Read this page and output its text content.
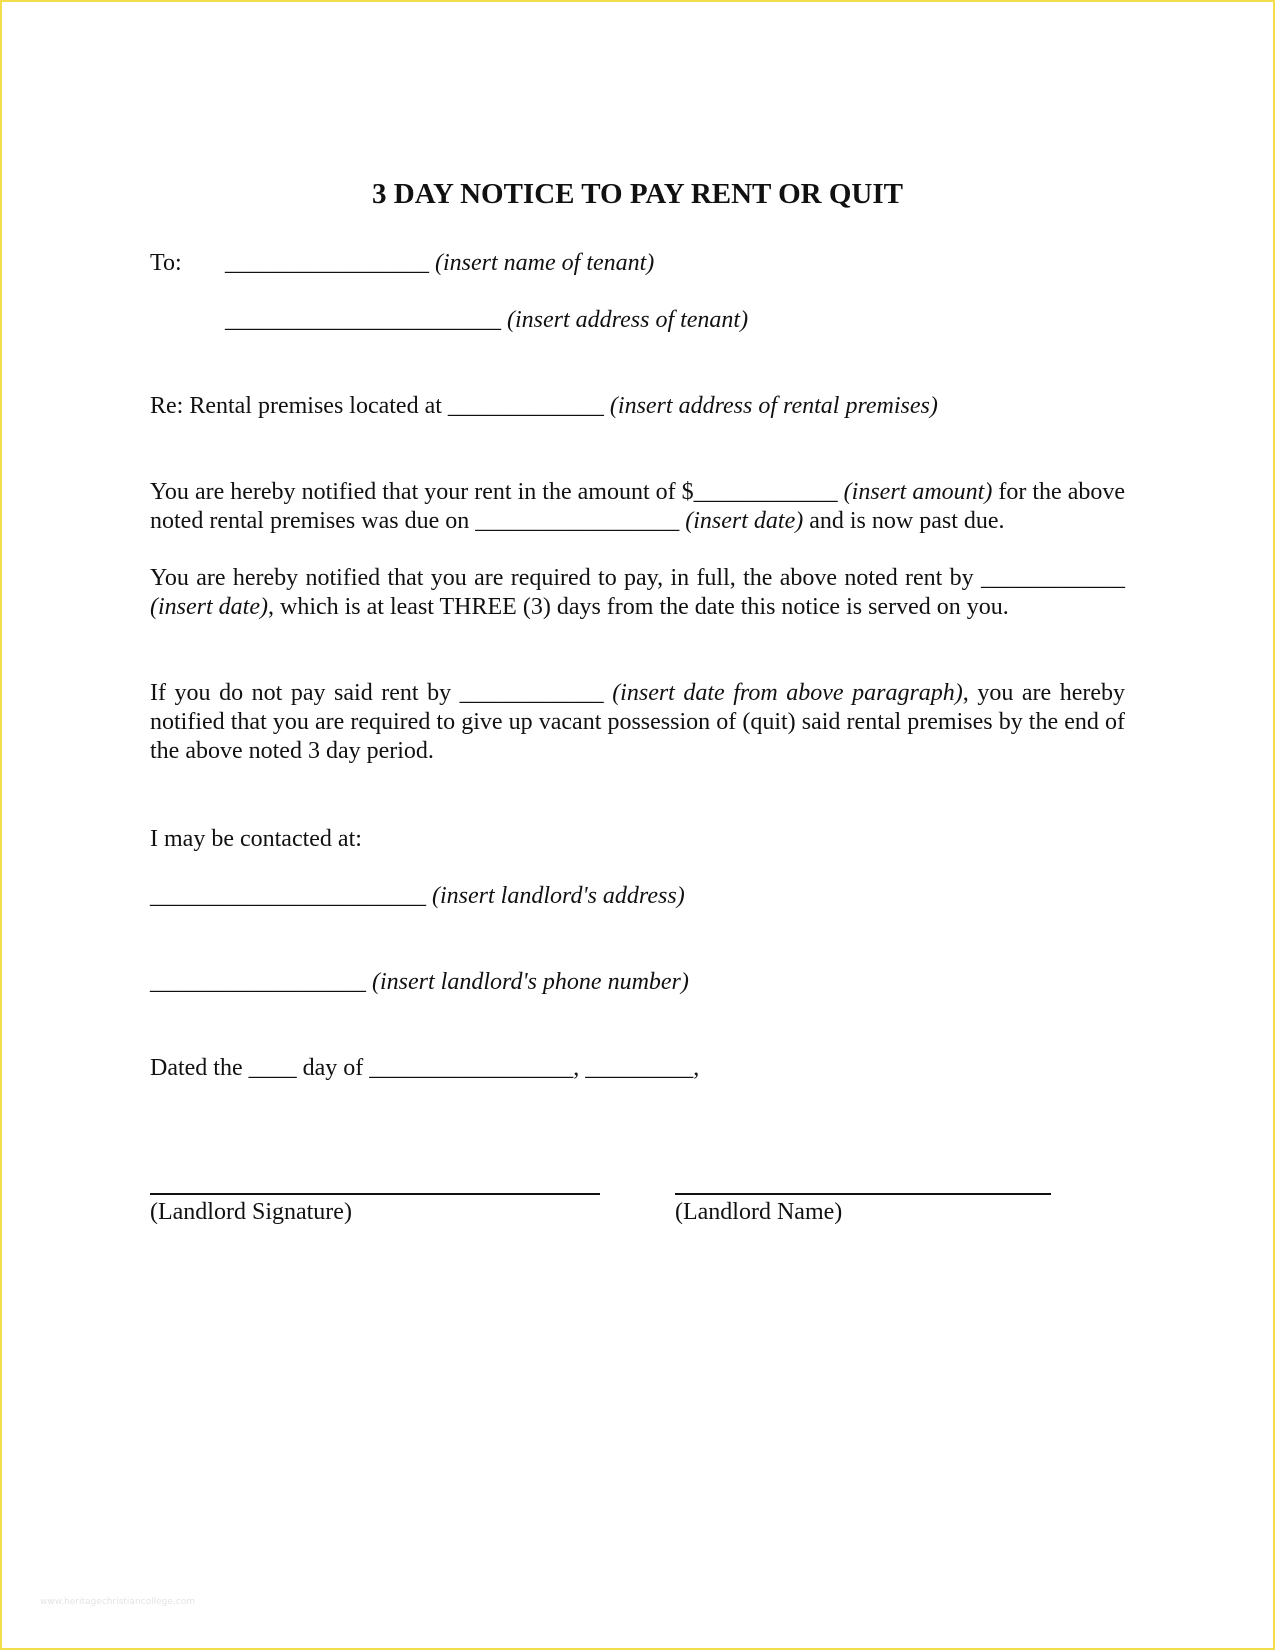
3 DAY NOTICE TO PAY RENT OR QUIT
To: _________________ (insert name of tenant)
_______________________ (insert address of tenant)
Re: Rental premises located at _____________ (insert address of rental premises)
You are hereby notified that your rent in the amount of $____________ (insert amount) for the above noted rental premises was due on _________________ (insert date) and is now past due.
You are hereby notified that you are required to pay, in full, the above noted rent by ____________ (insert date), which is at least THREE (3) days from the date this notice is served on you.
If you do not pay said rent by ____________ (insert date from above paragraph), you are hereby notified that you are required to give up vacant possession of (quit) said rental premises by the end of the above noted 3 day period.
I may be contacted at:
_______________________ (insert landlord's address)
__________________ (insert landlord's phone number)
Dated the ____ day of _________________, _________,
(Landlord Signature)	(Landlord Name)
www.heritagechristiancollege.com
